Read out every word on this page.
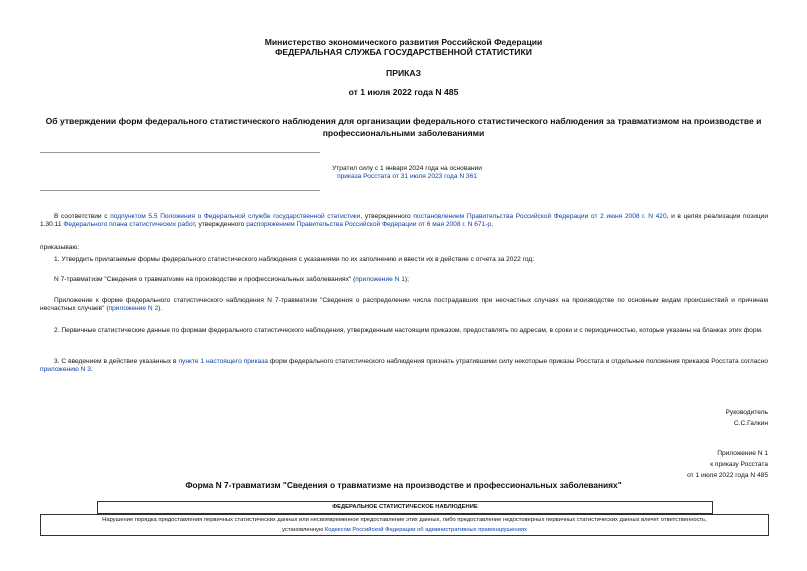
Министерство экономического развития Российской Федерации
ФЕДЕРАЛЬНАЯ СЛУЖБА ГОСУДАРСТВЕННОЙ СТАТИСТИКИ
ПРИКАЗ
от 1 июля 2022 года N 485
Об утверждении форм федерального статистического наблюдения для организации федерального статистического наблюдения за травматизмом на производстве и профессиональными заболеваниями
Утратил силу с 1 января 2024 года на основании
приказа Росстата от 31 июля 2023 года N 361
В соответствии с подпунктом 5.5 Положения о Федеральной службе государственной статистики, утвержденного постановлением Правительства Российской Федерации от 2 июня 2008 г. N 420, и в целях реализации позиции 1.30.11 Федерального плана статистических работ, утвержденного распоряжением Правительства Российской Федерации от 6 мая 2008 г. N 671-р,
приказываю:
1. Утвердить прилагаемые формы федерального статистического наблюдения с указаниями по их заполнению и ввести их в действие с отчета за 2022 год:
N 7-травматизм "Сведения о травматизме на производстве и профессиональных заболеваниях" (приложение N 1);
Приложение к форме федерального статистического наблюдения N 7-травматизм "Сведения о распределении числа пострадавших при несчастных случаях на производстве по основным видам происшествий и причинам несчастных случаев" (приложение N 2).
2. Первичные статистические данные по формам федерального статистического наблюдения, утвержденным настоящим приказом, предоставлять по адресам, в сроки и с периодичностью, которые указаны на бланках этих форм.
3. С введением в действие указанных в пункте 1 настоящего приказа форм федерального статистического наблюдения признать утратившими силу некоторые приказы Росстата и отдельные положения приказов Росстата согласно приложению N 3.
Руководитель
С.С.Галкин
Приложение N 1
к приказу Росстата
от 1 июля 2022 года N 485
Форма N 7-травматизм "Сведения о травматизме на производстве и профессиональных заболеваниях"
ФЕДЕРАЛЬНОЕ СТАТИСТИЧЕСКОЕ НАБЛЮДЕНИЕ
Нарушение порядка предоставления первичных статистических данных или несвоевременное предоставление этих данных, либо предоставление недостоверных первичных статистических данных влечет ответственность,
установленную Кодексом Российской Федерации об административных правонарушениях
